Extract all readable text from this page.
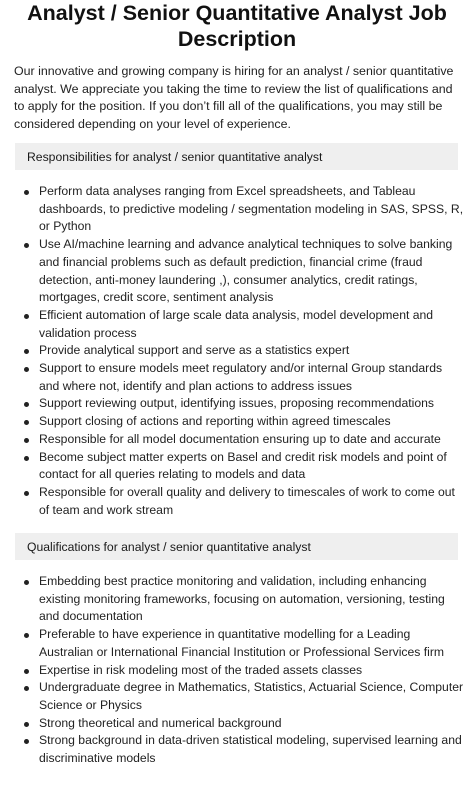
Analyst / Senior Quantitative Analyst Job Description

Our innovative and growing company is hiring for an analyst / senior quantitative analyst. We appreciate you taking the time to review the list of qualifications and to apply for the position. If you don’t fill all of the qualifications, you may still be considered depending on your level of experience.

Responsibilities for analyst / senior quantitative analyst
Perform data analyses ranging from Excel spreadsheets, and Tableau dashboards, to predictive modeling / segmentation modeling in SAS, SPSS, R, or Python
Use AI/machine learning and advance analytical techniques to solve banking and financial problems such as default prediction, financial crime (fraud detection, anti-money laundering ,), consumer analytics, credit ratings, mortgages, credit score, sentiment analysis
Efficient automation of large scale data analysis, model development and validation process
Provide analytical support and serve as a statistics expert
Support to ensure models meet regulatory and/or internal Group standards and where not, identify and plan actions to address issues
Support reviewing output, identifying issues, proposing recommendations
Support closing of actions and reporting within agreed timescales
Responsible for all model documentation ensuring up to date and accurate
Become subject matter experts on Basel and credit risk models and point of contact for all queries relating to models and data
Responsible for overall quality and delivery to timescales of work to come out of team and work stream
Qualifications for analyst / senior quantitative analyst
Embedding best practice monitoring and validation, including enhancing existing monitoring frameworks, focusing on automation, versioning, testing and documentation
Preferable to have experience in quantitative modelling for a Leading Australian or International Financial Institution or Professional Services firm
Expertise in risk modeling most of the traded assets classes
Undergraduate degree in Mathematics, Statistics, Actuarial Science, Computer Science or Physics
Strong theoretical and numerical background
Strong background in data-driven statistical modeling, supervised learning and discriminative models
